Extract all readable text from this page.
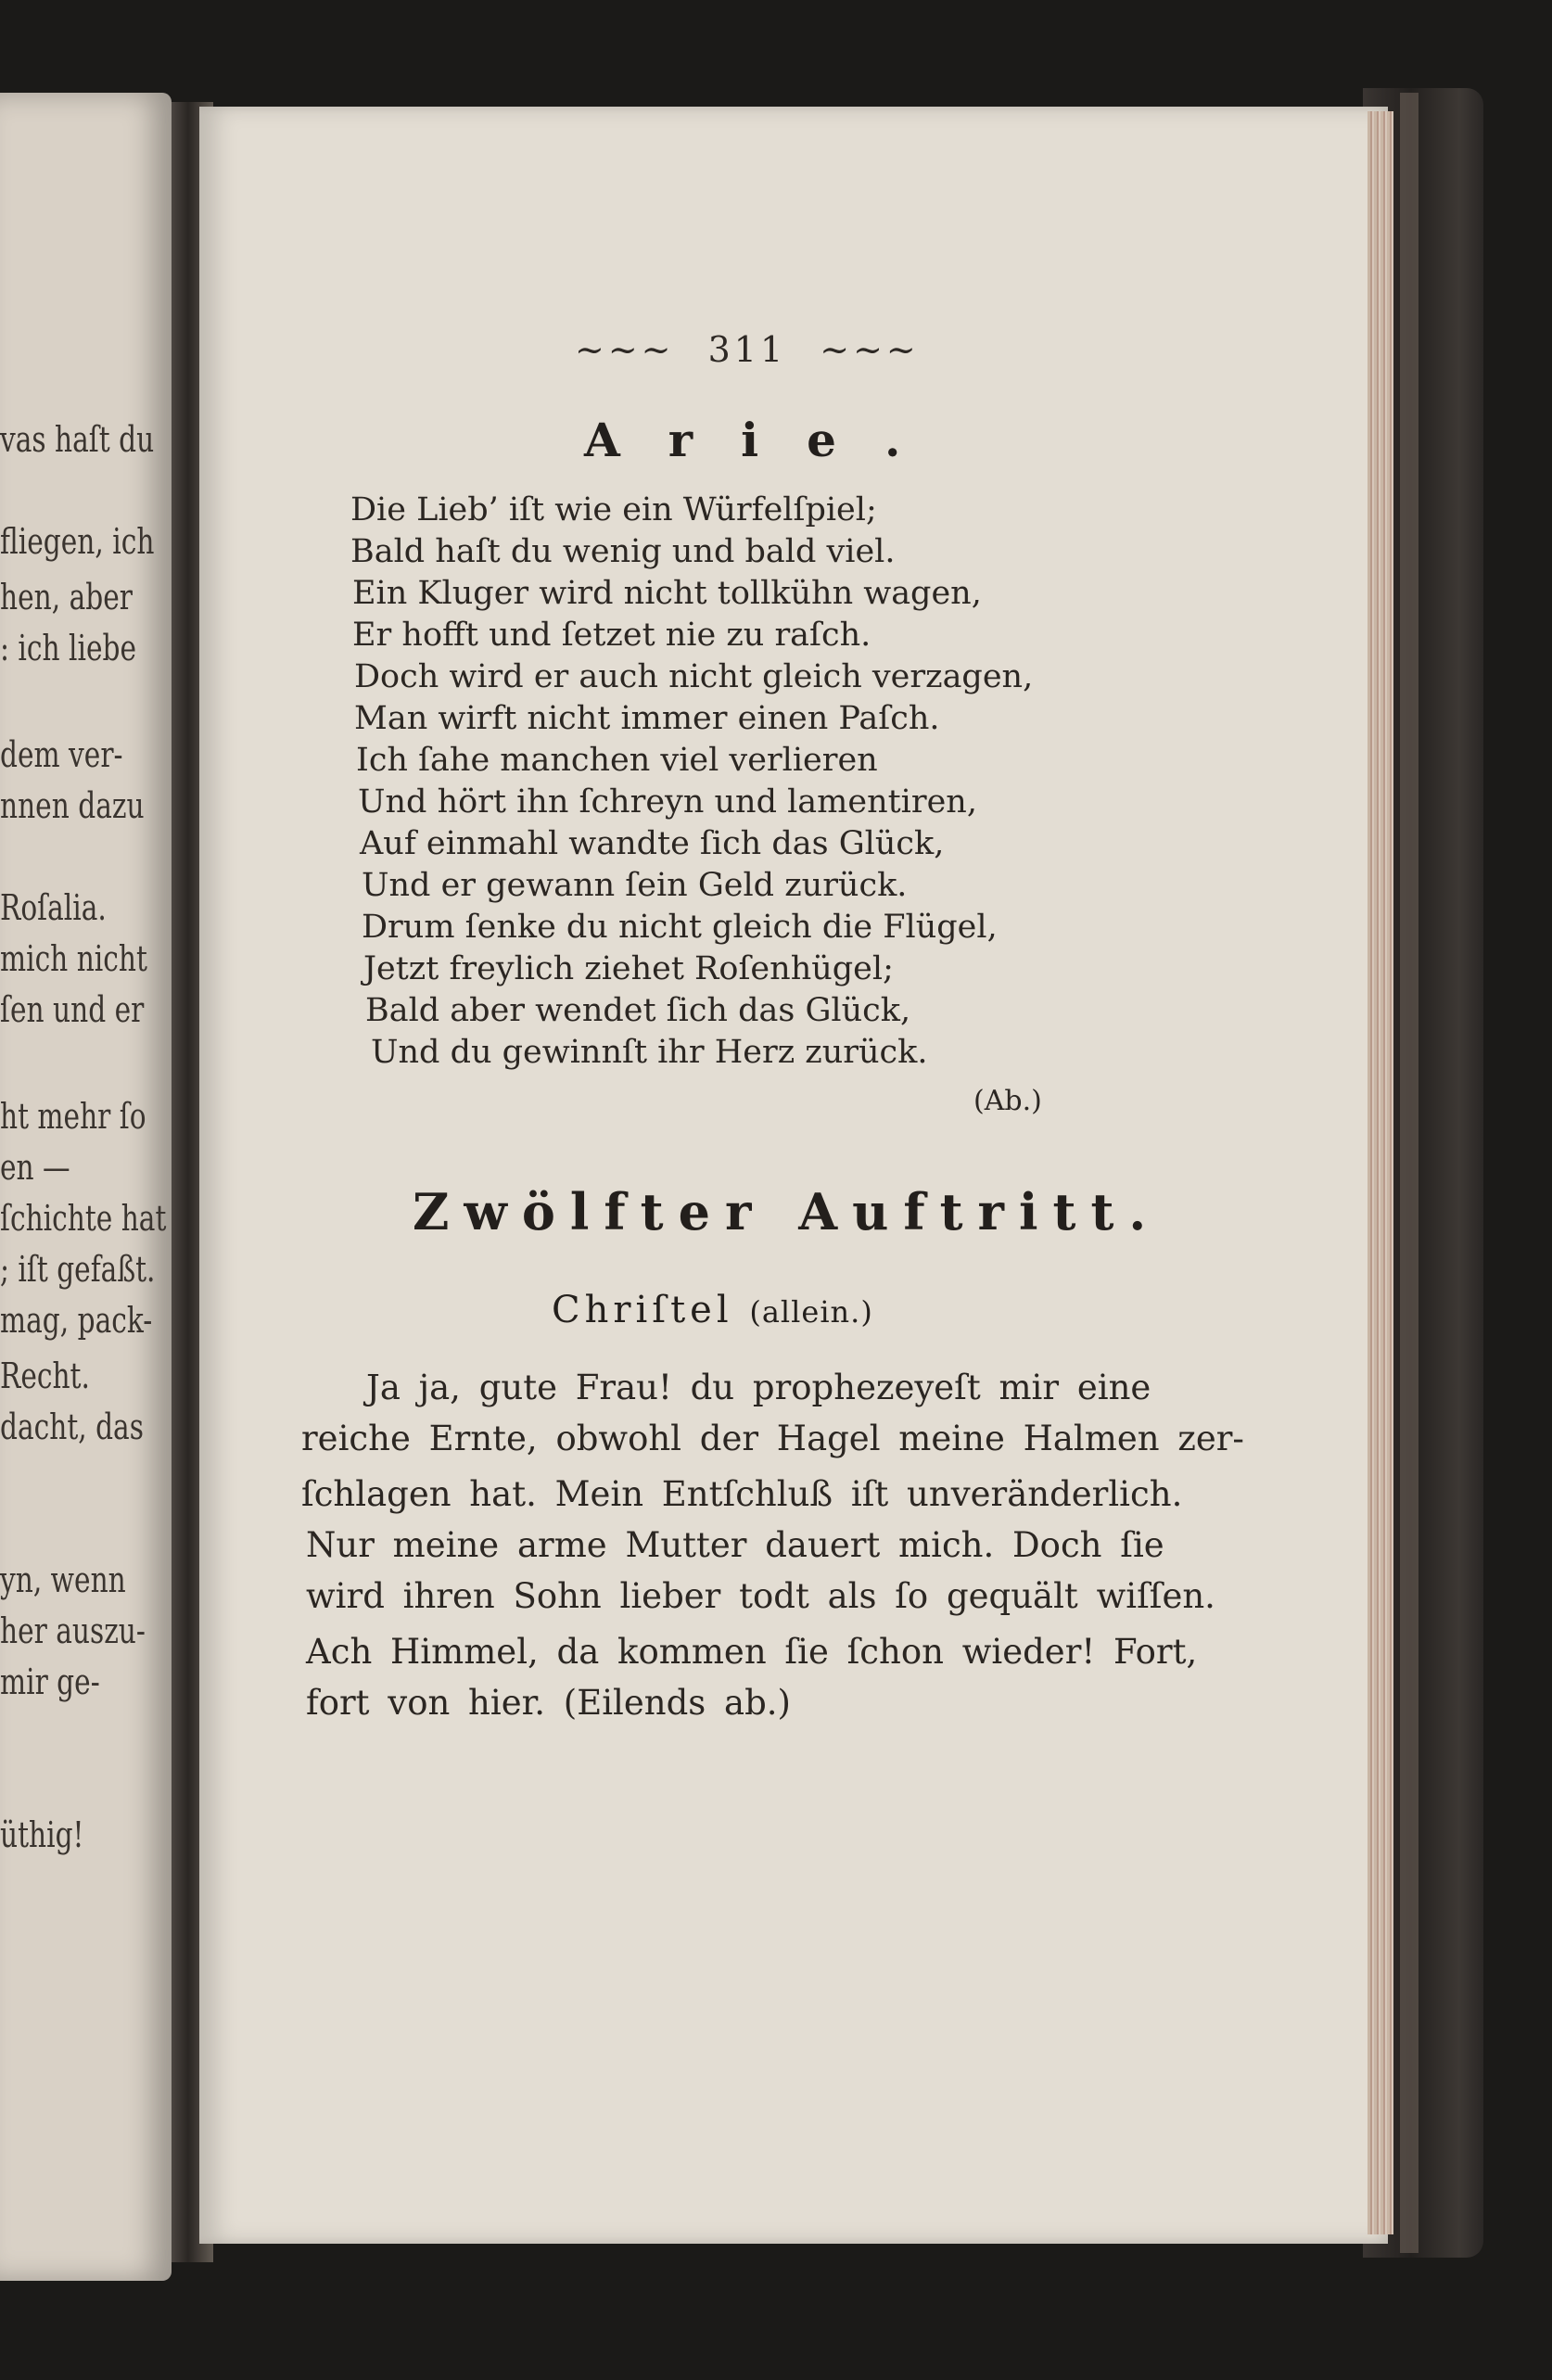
vas haſt du
fliegen, ich
hen, aber
: ich liebe
dem ver-
nnen dazu
Roſalia.
mich nicht
ſen und er
ht mehr ſo
en —
ſchichte hat
; iſt gefaßt.
mag, pack-
Recht.
dacht, das
yn, wenn
her auszu-
mir ge-
üthig!
~~~ 311 ~~~
Arie.
Die Lieb’ iſt wie ein Würfelſpiel;
Bald haſt du wenig und bald viel.
Ein Kluger wird nicht tollkühn wagen,
Er hofft und ſetzet nie zu raſch.
Doch wird er auch nicht gleich verzagen,
Man wirft nicht immer einen Paſch.
Ich ſahe manchen viel verlieren
Und hört ihn ſchreyn und lamentiren,
Auf einmahl wandte ſich das Glück,
Und er gewann ſein Geld zurück.
Drum ſenke du nicht gleich die Flügel,
Jetzt freylich ziehet Roſenhügel;
Bald aber wendet ſich das Glück,
Und du gewinnſt ihr Herz zurück.
(Ab.)
Zwölfter Auftritt.
Chriſtel (allein.)
Ja ja, gute Frau! du prophezeyeſt mir eine
reiche Ernte, obwohl der Hagel meine Halmen zer-
ſchlagen hat. Mein Entſchluß iſt unveränderlich.
Nur meine arme Mutter dauert mich. Doch ſie
wird ihren Sohn lieber todt als ſo gequält wiſſen.
Ach Himmel, da kommen ſie ſchon wieder! Fort,
fort von hier. (Eilends ab.)
